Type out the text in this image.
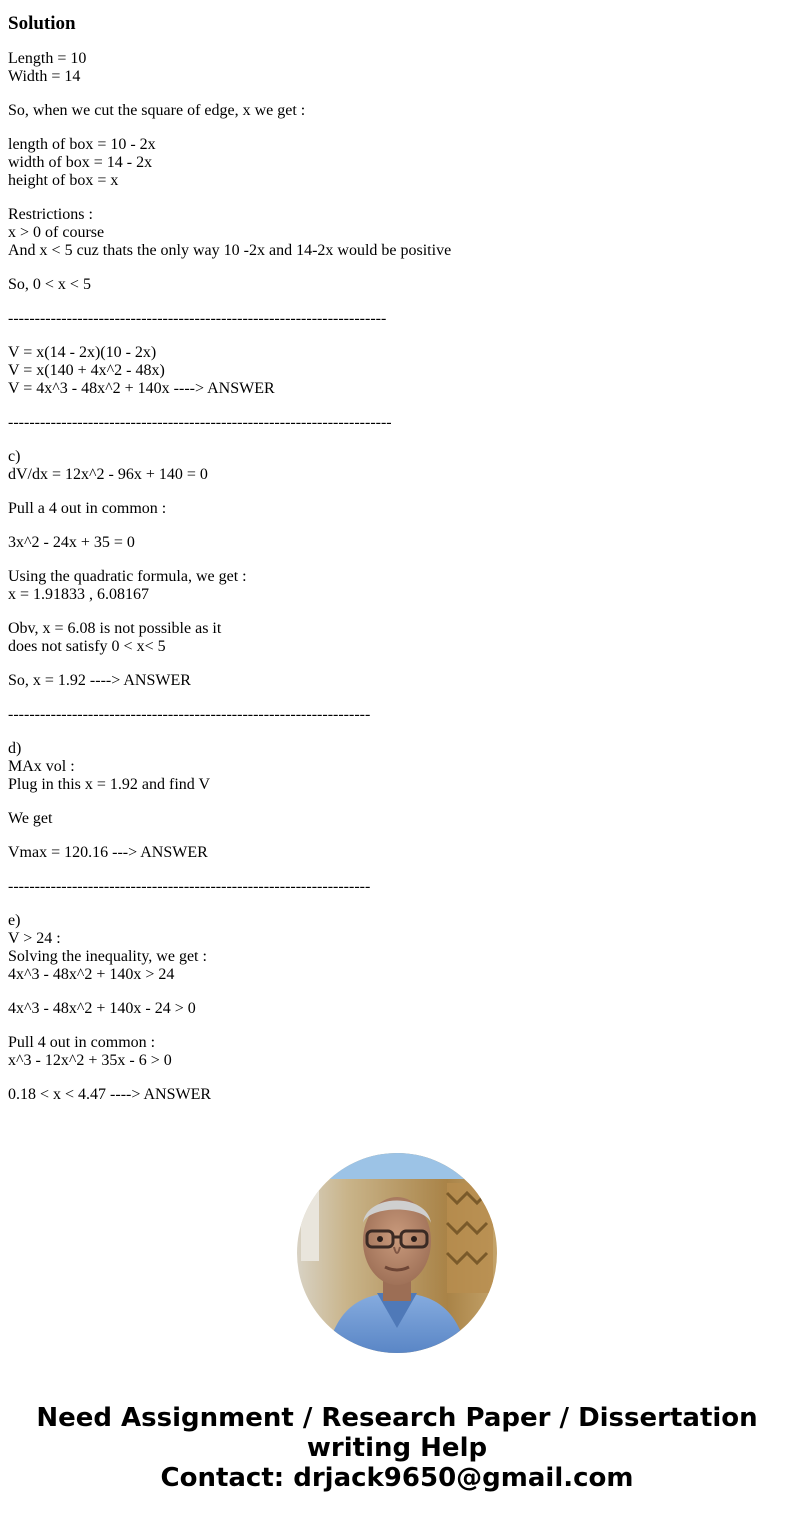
Solution
Length = 10
Width = 14
So, when we cut the square of edge, x we get :
length of box = 10 - 2x
width of box = 14 - 2x
height of box = x
Restrictions :
x > 0 of course
And x < 5 cuz thats the only way 10 -2x and 14-2x would be positive
So, 0 < x < 5
-----------------------------------------------------------------------
V = x(14 - 2x)(10 - 2x)
V = x(140 + 4x^2 - 48x)
V = 4x^3 - 48x^2 + 140x ----> ANSWER
------------------------------------------------------------------------
c)
dV/dx = 12x^2 - 96x + 140 = 0
Pull a 4 out in common :
3x^2 - 24x + 35 = 0
Using the quadratic formula, we get :
x = 1.91833 , 6.08167
Obv, x = 6.08 is not possible as it
does not satisfy 0 < x< 5
So, x = 1.92 ----> ANSWER
--------------------------------------------------------------------
d)
MAx vol :
Plug in this x = 1.92 and find V
We get
Vmax = 120.16 ---> ANSWER
--------------------------------------------------------------------
e)
V > 24 :
Solving the inequality, we get :
4x^3 - 48x^2 + 140x > 24
4x^3 - 48x^2 + 140x - 24 > 0
Pull 4 out in common :
x^3 - 12x^2 + 35x - 6 > 0
0.18 < x < 4.47 ----> ANSWER
Need Assignment / Research Paper / Dissertation
writing Help
Contact: drjack9650@gmail.com
